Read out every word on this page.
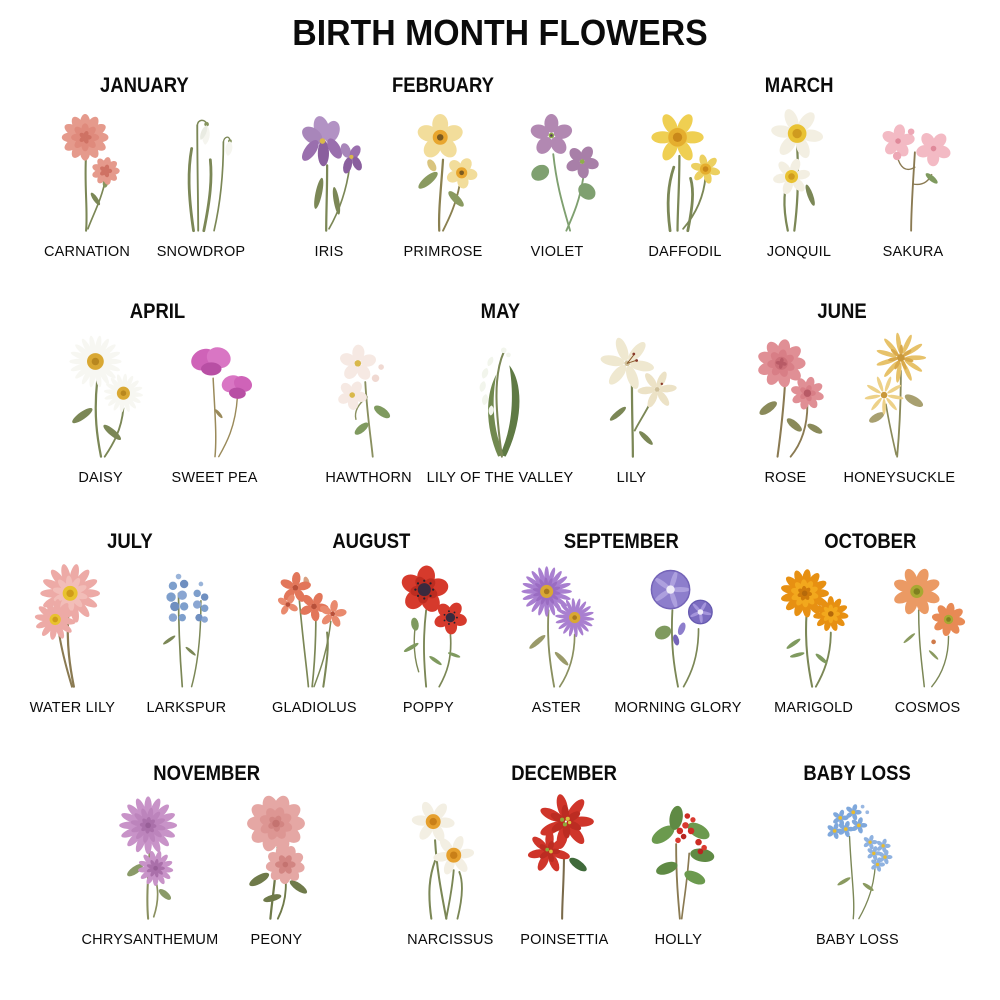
BIRTH MONTH FLOWERS
JANUARY
CARNATION SNOWDROP
FEBRUARY
IRIS	PRIMROSE	VIOLET
MARCH
DAFFODIL	JONQUIL	SAKURA
APRIL
DAISY	SWEET PEA
MAY
HAWTHORN LILY OF THE VALLEY	LILY
JUNE
ROSE	HONEYSUCKLE
JULY
WATER LILY LARKSPUR
AUGUST
GLADIOLUS	POPPY
SEPTEMBER
ASTER MORNING GLORY
OCTOBER
MARIGOLD	COSMOS
NOVEMBER
CHRYSANTHEMUM PEONY
DECEMBER
NARCISSUS POINSETTIA	HOLLY
BABY LOSS
BABY LOSS
